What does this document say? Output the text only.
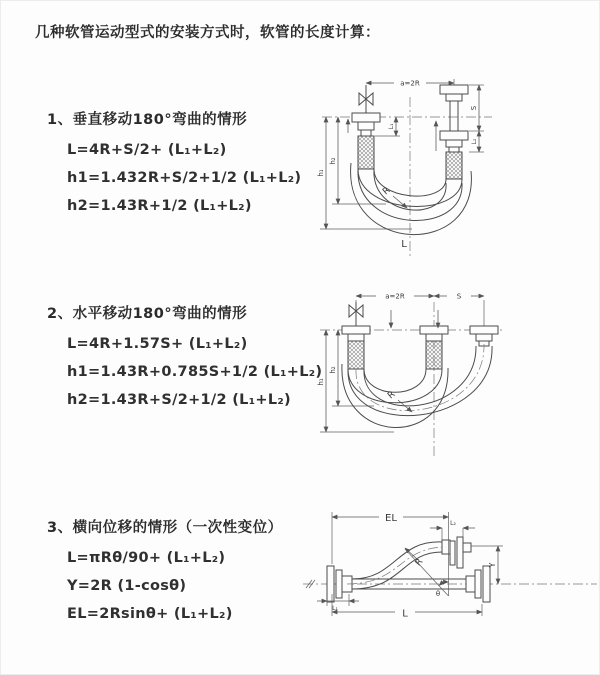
几种软管运动型式的安装方式时，软管的长度计算：
1、垂直移动180°弯曲的情形

L=4R+S/2+ (L₁+L₂)

h1=1.432R+S/2+1/2 (L₁+L₂)

h2=1.43R+1/2 (L₁+L₂)

2、水平移动180°弯曲的情形

L=4R+1.57S+ (L₁+L₂)

h1=1.43R+0.785S+1/2 (L₁+L₂)

h2=1.43R+S/2+1/2 (L₁+L₂)

3、横向位移的情形（一次性变位）

L=πRθ/90+ (L₁+L₂)

Y=2R (1-cosθ)

EL=2Rsinθ+ (L₁+L₂)

a=2R
L₁
S
L₂
h₁
h₂
R
L
a=2R	S
h₁
h₂
R
EL	L₂
Y
R
θ
L₁	L
